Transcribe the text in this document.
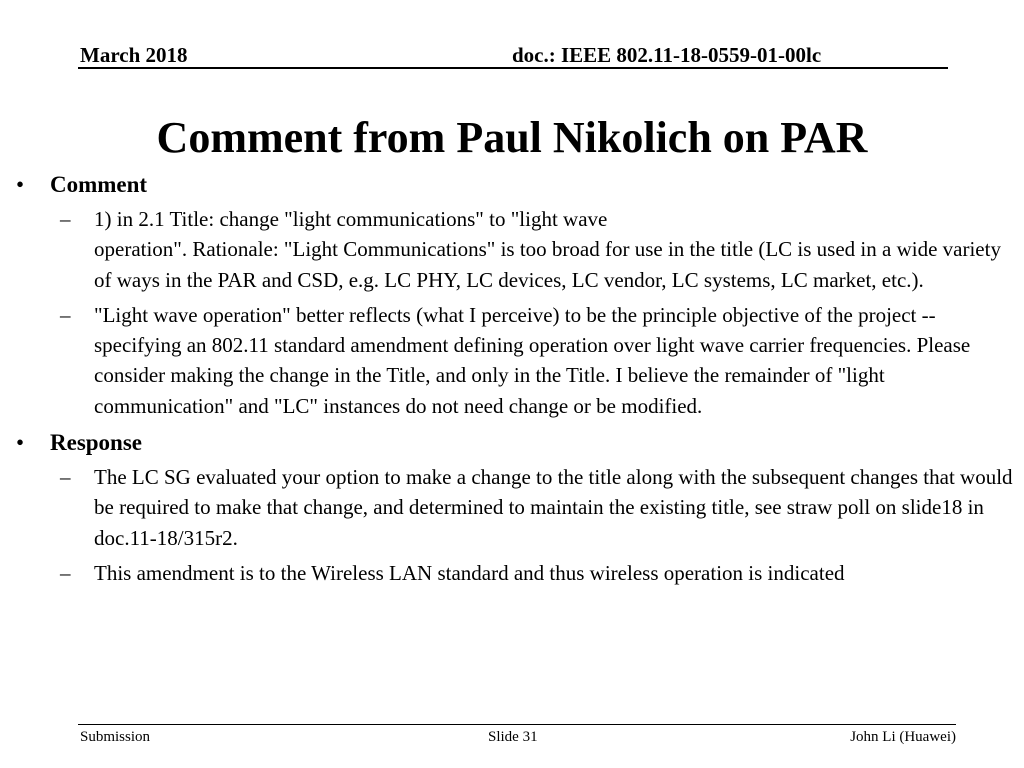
March 2018	doc.: IEEE 802.11-18-0559-01-00lc
Comment from Paul Nikolich on PAR
• Comment
– 1) in 2.1 Title: change "light communications" to "light wave
operation". Rationale: "Light Communications" is too broad for use in the title (LC is used in a wide variety of ways in the PAR and CSD, e.g. LC PHY, LC devices, LC vendor, LC systems, LC market, etc.).
– "Light wave operation" better reflects (what I perceive) to be the principle objective of the project -- specifying an 802.11 standard amendment defining operation over light wave carrier frequencies. Please consider making the change in the Title, and only in the Title. I believe the remainder of "light communication" and "LC" instances do not need change or be modified.
• Response
– The LC SG evaluated your option to make a change to the title along with the subsequent changes that would be required to make that change, and determined to maintain the existing title, see straw poll on slide18 in doc.11-18/315r2.
– This amendment is to the Wireless LAN standard and thus wireless operation is indicated
Submission	Slide 31	John Li (Huawei)
